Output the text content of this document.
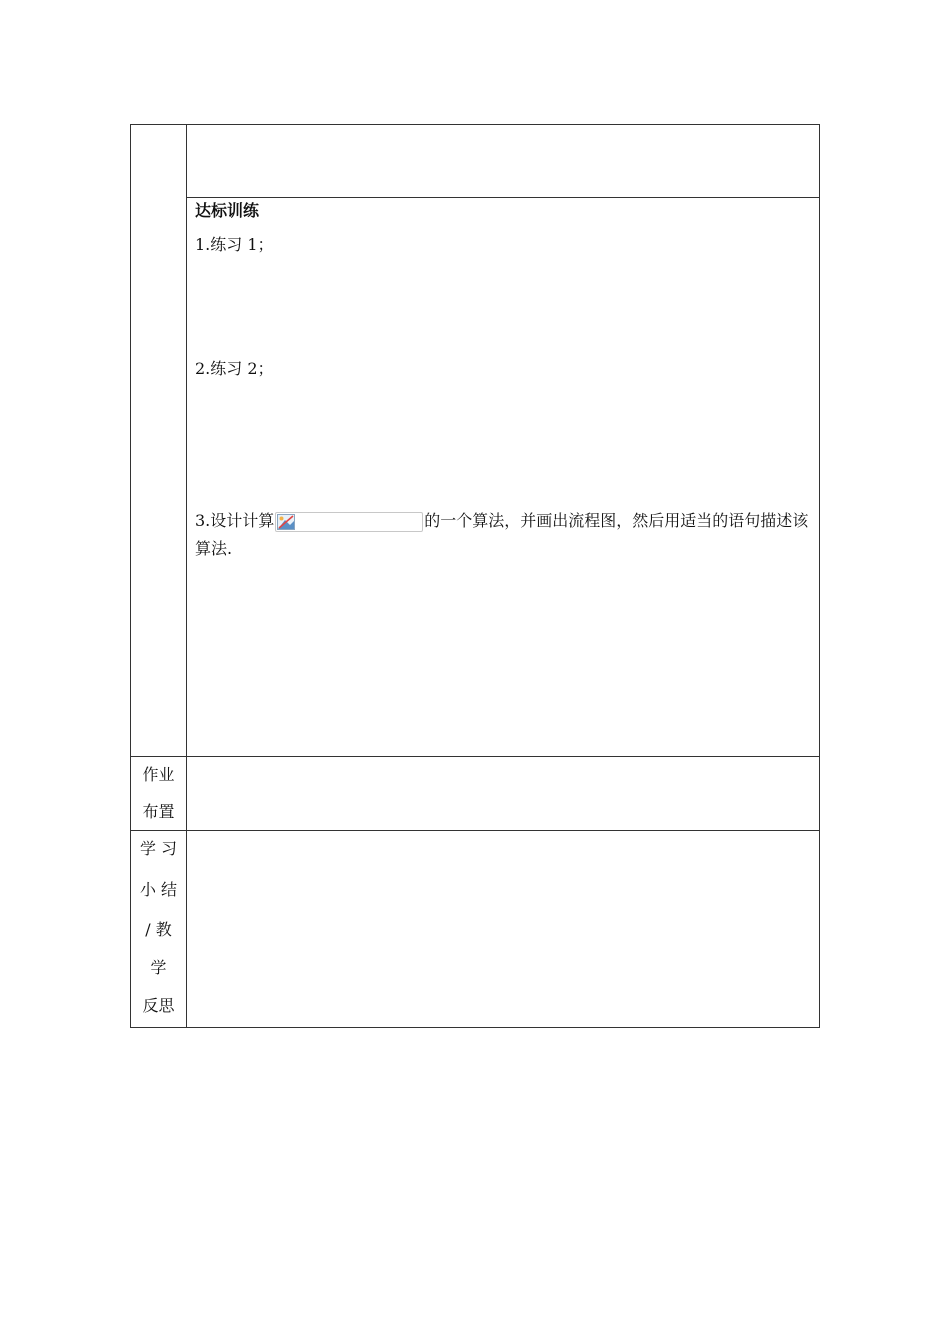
达标训练
1.练习 1；
2.练习 2；
3.设计计算	的一个算法，并画出流程图，然后用适当的语句描述该算法.
作业
布置
学 习
小 结
/ 教
学
反思
